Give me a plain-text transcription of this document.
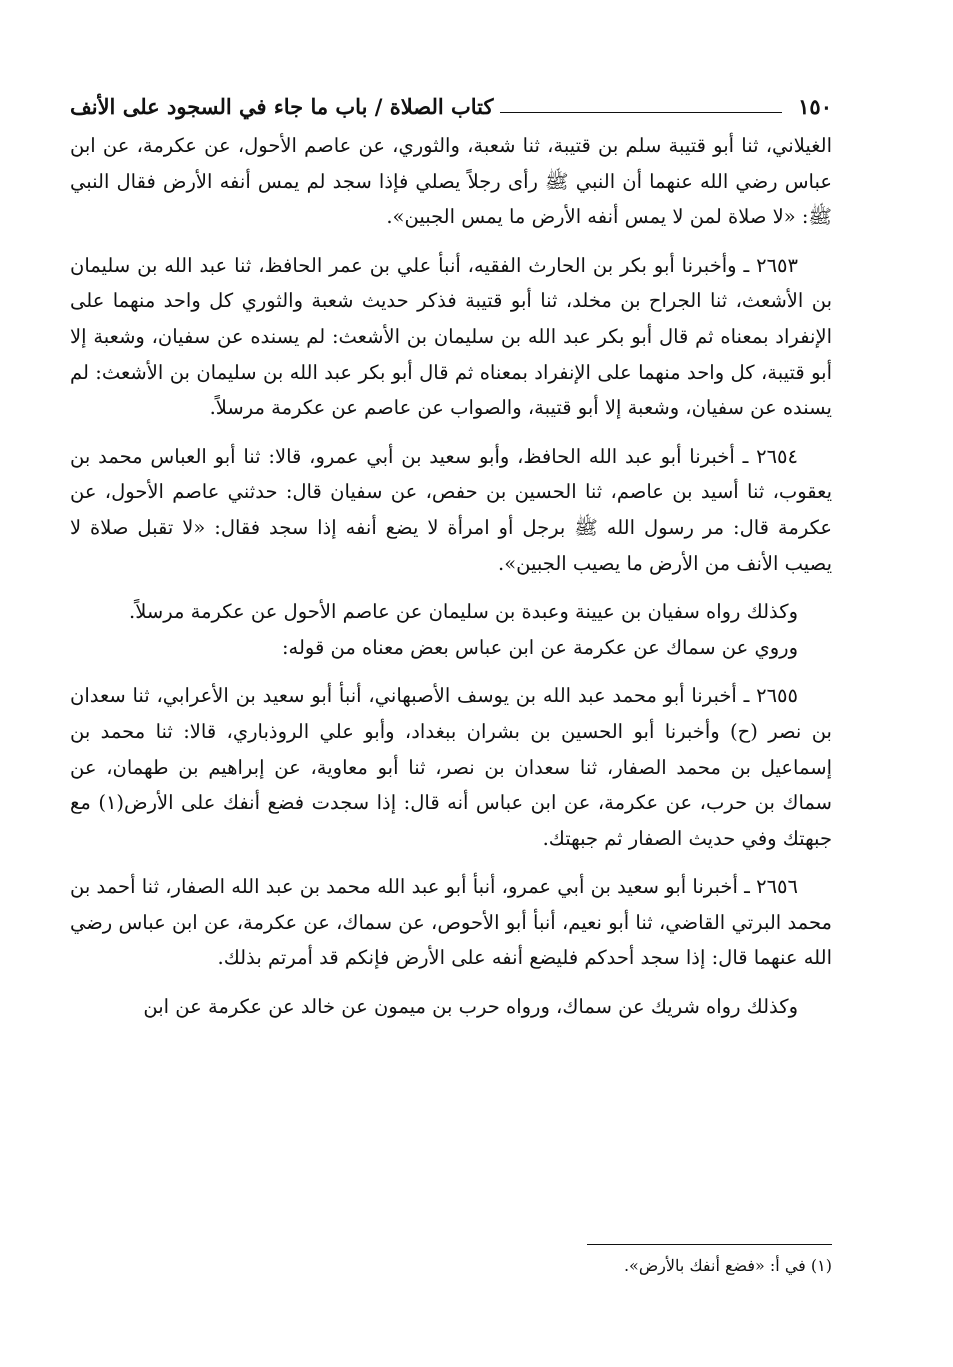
١٥٠
كتاب الصلاة / باب ما جاء في السجود على الأنف

الغيلاني، ثنا أبو قتيبة سلم بن قتيبة، ثنا شعبة، والثوري، عن عاصم الأحول، عن عكرمة، عن ابن عباس رضي الله عنهما أن النبي ﷺ رأى رجلاً يصلي فإذا سجد لم يمس أنفه الأرض فقال النبي ﷺ: «لا صلاة لمن لا يمس أنفه الأرض ما يمس الجبين».

٢٦٥٣ ـ وأخبرنا أبو بكر بن الحارث الفقيه، أنبأ علي بن عمر الحافظ، ثنا عبد الله بن سليمان بن الأشعث، ثنا الجراح بن مخلد، ثنا أبو قتيبة فذكر حديث شعبة والثوري كل واحد منهما على الإنفراد بمعناه ثم قال أبو بكر عبد الله بن سليمان بن الأشعث: لم يسنده عن سفيان، وشعبة إلا أبو قتيبة، كل واحد منهما على الإنفراد بمعناه ثم قال أبو بكر عبد الله بن سليمان بن الأشعث: لم يسنده عن سفيان، وشعبة إلا أبو قتيبة، والصواب عن عاصم عن عكرمة مرسلاً.

٢٦٥٤ ـ أخبرنا أبو عبد الله الحافظ، وأبو سعيد بن أبي عمرو، قالا: ثنا أبو العباس محمد بن يعقوب، ثنا أسيد بن عاصم، ثنا الحسين بن حفص، عن سفيان قال: حدثني عاصم الأحول، عن عكرمة قال: مر رسول الله ﷺ برجل أو امرأة لا يضع أنفه إذا سجد فقال: «لا تقبل صلاة لا يصيب الأنف من الأرض ما يصيب الجبين».

وكذلك رواه سفيان بن عيينة وعبدة بن سليمان عن عاصم الأحول عن عكرمة مرسلاً.

وروي عن سماك عن عكرمة عن ابن عباس بعض معناه من قوله:

٢٦٥٥ ـ أخبرنا أبو محمد عبد الله بن يوسف الأصبهاني، أنبأ أبو سعيد بن الأعرابي، ثنا سعدان بن نصر (ح) وأخبرنا أبو الحسين بن بشران ببغداد، وأبو علي الروذباري، قالا: ثنا محمد بن إسماعيل بن محمد الصفار، ثنا سعدان بن نصر، ثنا أبو معاوية، عن إبراهيم بن طهمان، عن سماك بن حرب، عن عكرمة، عن ابن عباس أنه قال: إذا سجدت فضع أنفك على الأرض(١) مع جبهتك وفي حديث الصفار ثم جبهتك.

٢٦٥٦ ـ أخبرنا أبو سعيد بن أبي عمرو، أنبأ أبو عبد الله محمد بن عبد الله الصفار، ثنا أحمد بن محمد البرتي القاضي، ثنا أبو نعيم، أنبأ أبو الأحوص، عن سماك، عن عكرمة، عن ابن عباس رضي الله عنهما قال: إذا سجد أحدكم فليضع أنفه على الأرض فإنكم قد أمرتم بذلك.

وكذلك رواه شريك عن سماك، ورواه حرب بن ميمون عن خالد عن عكرمة عن ابن

(١) في أ: «فضع أنفك بالأرض».
